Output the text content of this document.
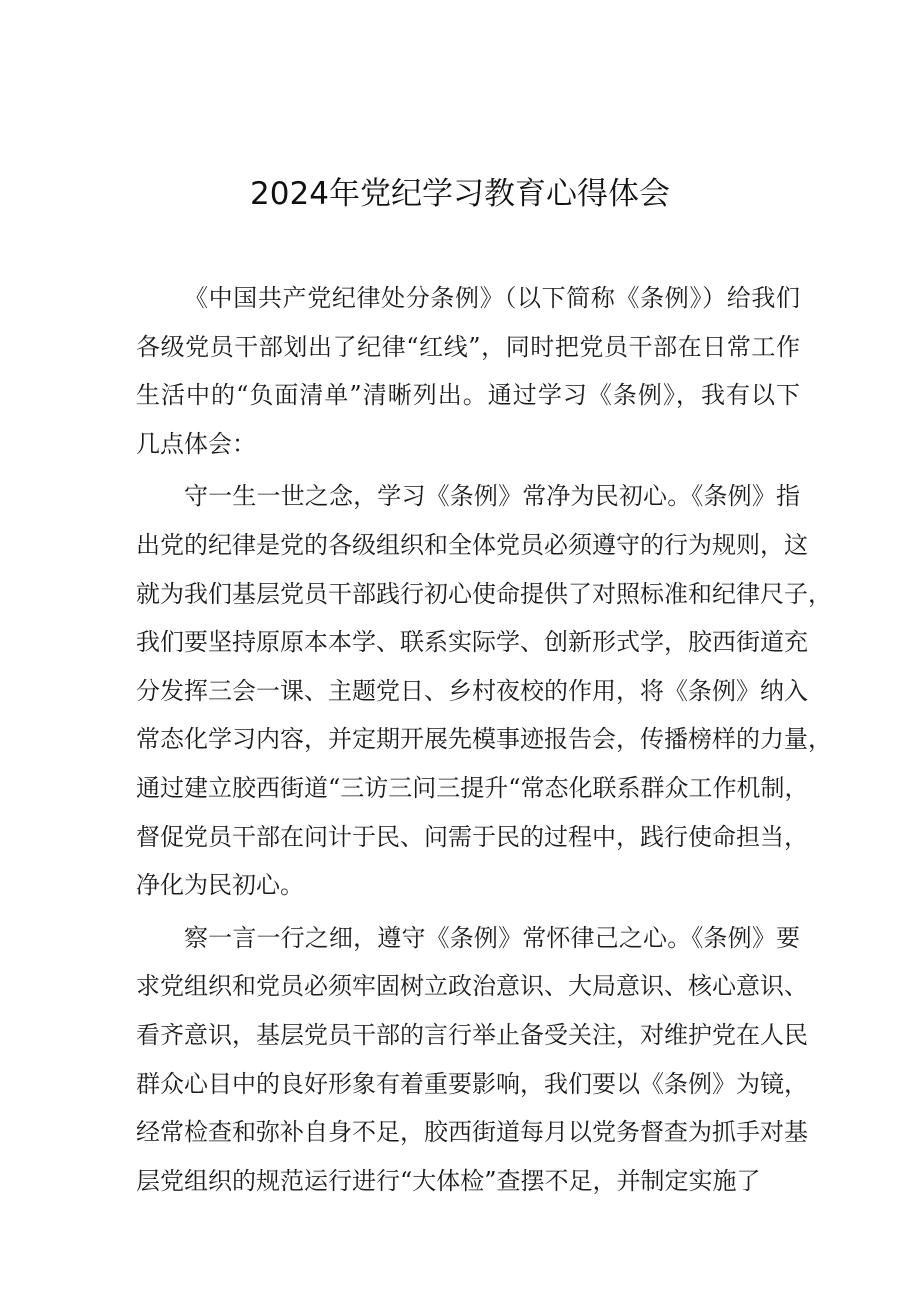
2024年党纪学习教育心得体会
《中国共产党纪律处分条例》（以下简称《条例》）给我们
各级党员干部划出了纪律“红线”，同时把党员干部在日常工作
生活中的“负面清单”清晰列出。通过学习《条例》，我有以下
几点体会：
守一生一世之念，学习《条例》常净为民初心。《条例》指
出党的纪律是党的各级组织和全体党员必须遵守的行为规则，这
就为我们基层党员干部践行初心使命提供了对照标准和纪律尺子，
我们要坚持原原本本学、联系实际学、创新形式学，胶西街道充
分发挥三会一课、主题党日、乡村夜校的作用，将《条例》纳入
常态化学习内容，并定期开展先模事迹报告会，传播榜样的力量，
通过建立胶西街道“三访三问三提升“常态化联系群众工作机制，
督促党员干部在问计于民、问需于民的过程中，践行使命担当，
净化为民初心。
察一言一行之细，遵守《条例》常怀律己之心。《条例》要
求党组织和党员必须牢固树立政治意识、大局意识、核心意识、
看齐意识，基层党员干部的言行举止备受关注，对维护党在人民
群众心目中的良好形象有着重要影响，我们要以《条例》为镜，
经常检查和弥补自身不足，胶西街道每月以党务督查为抓手对基
层党组织的规范运行进行“大体检”查摆不足，并制定实施了
